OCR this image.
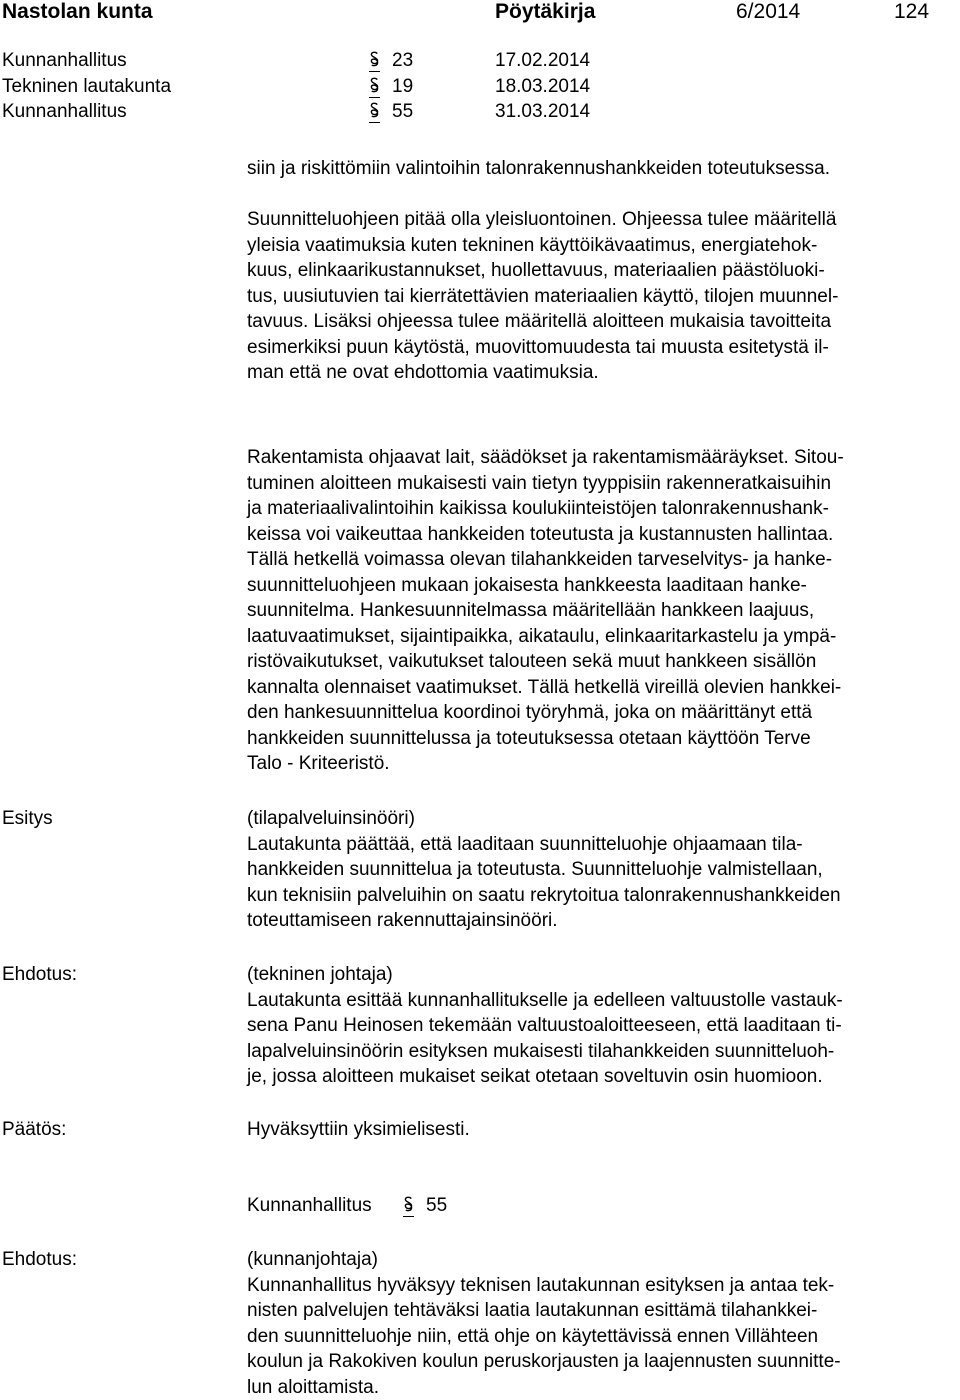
Nastolan kunta	Pöytäkirja	6/2014	124
Kunnanhallitus	23	17.02.2014
Tekninen lautakunta	19	18.03.2014
Kunnanhallitus	55	31.03.2014
siin ja riskittömiin valintoihin talonrakennushankkeiden toteutuksessa.
Suunnitteluohjeen pitää olla yleisluontoinen. Ohjeessa tulee määritellä
yleisia vaatimuksia kuten tekninen käyttöikävaatimus, energiatehok-
kuus, elinkaarikustannukset, huollettavuus, materiaalien päästöluoki-
tus, uusiutuvien tai kierrätettävien materiaalien käyttö, tilojen muunnel-
tavuus. Lisäksi ohjeessa tulee määritellä aloitteen mukaisia tavoitteita
esimerkiksi puun käytöstä, muovittomuudesta tai muusta esitetystä il-
man että ne ovat ehdottomia vaatimuksia.
Rakentamista ohjaavat lait, säädökset ja rakentamismääräykset. Sitou-
tuminen aloitteen mukaisesti vain tietyn tyyppisiin rakenneratkaisuihin
ja materiaalivalintoihin kaikissa koulukiinteistöjen talonrakennushank-
keissa voi vaikeuttaa hankkeiden toteutusta ja kustannusten hallintaa.
Tällä hetkellä voimassa olevan tilahankkeiden tarveselvitys- ja hanke-
suunnitteluohjeen mukaan jokaisesta hankkeesta laaditaan hanke-
suunnitelma. Hankesuunnitelmassa määritellään hankkeen laajuus,
laatuvaatimukset, sijaintipaikka, aikataulu, elinkaaritarkastelu ja ympä-
ristövaikutukset, vaikutukset talouteen sekä muut hankkeen sisällön
kannalta olennaiset vaatimukset. Tällä hetkellä vireillä olevien hankkei-
den hankesuunnittelua koordinoi työryhmä, joka on määrittänyt että
hankkeiden suunnittelussa ja toteutuksessa otetaan käyttöön Terve
Talo - Kriteeristö.
Esitys	(tilapalveluinsinööri)
Lautakunta päättää, että laaditaan suunnitteluohje ohjaamaan tila-
hankkeiden suunnittelua ja toteutusta. Suunnitteluohje valmistellaan,
kun teknisiin palveluihin on saatu rekrytoitua talonrakennushankkeiden
toteuttamiseen rakennuttajainsinööri.
Ehdotus:	(tekninen johtaja)
Lautakunta esittää kunnanhallitukselle ja edelleen valtuustolle vastauk-
sena Panu Heinosen tekemään valtuustoaloitteeseen, että laaditaan ti-
lapalveluinsinöörin esityksen mukaisesti tilahankkeiden suunnitteluoh-
je, jossa aloitteen mukaiset seikat otetaan soveltuvin osin huomioon.
Päätös:	Hyväksyttiin yksimielisesti.
Kunnanhallitus	55
Ehdotus:	(kunnanjohtaja)
Kunnanhallitus hyväksyy teknisen lautakunnan esityksen ja antaa tek-
nisten palvelujen tehtäväksi laatia lautakunnan esittämä tilahankkei-
den suunnitteluohje niin, että ohje on käytettävissä ennen Villähteen
koulun ja Rakokiven koulun peruskorjausten ja laajennusten suunnitte-
lun aloittamista.
